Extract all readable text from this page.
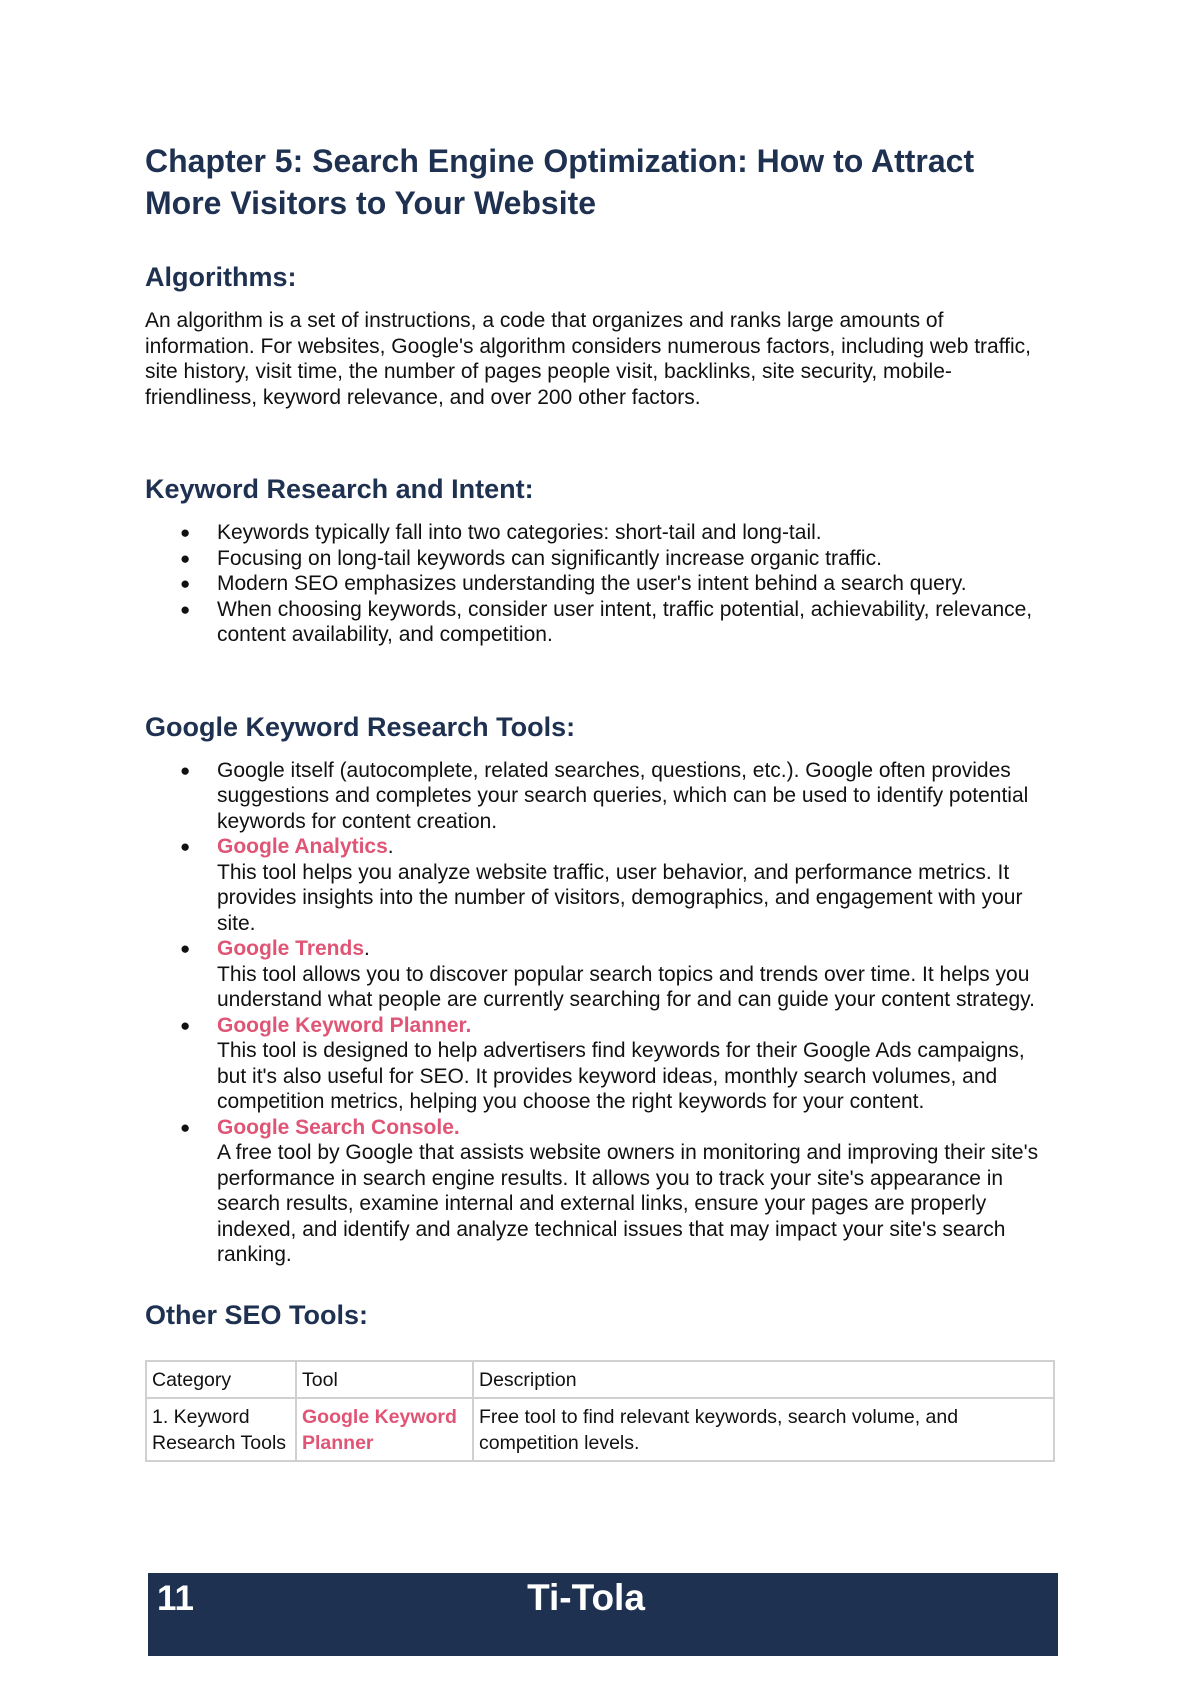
Chapter 5: Search Engine Optimization: How to Attract More Visitors to Your Website
Algorithms:

An algorithm is a set of instructions, a code that organizes and ranks large amounts of information. For websites, Google's algorithm considers numerous factors, including web traffic, site history, visit time, the number of pages people visit, backlinks, site security, mobile-friendliness, keyword relevance, and over 200 other factors.

Keyword Research and Intent:
● Keywords typically fall into two categories: short-tail and long-tail.
● Focusing on long-tail keywords can significantly increase organic traffic.
● Modern SEO emphasizes understanding the user's intent behind a search query.
● When choosing keywords, consider user intent, traffic potential, achievability, relevance, content availability, and competition.
Google Keyword Research Tools:
● Google itself (autocomplete, related searches, questions, etc.). Google often provides suggestions and completes your search queries, which can be used to identify potential keywords for content creation.
● Google Analytics.
This tool helps you analyze website traffic, user behavior, and performance metrics. It provides insights into the number of visitors, demographics, and engagement with your site.
● Google Trends.
This tool allows you to discover popular search topics and trends over time. It helps you understand what people are currently searching for and can guide your content strategy.
● Google Keyword Planner.
This tool is designed to help advertisers find keywords for their Google Ads campaigns, but it's also useful for SEO. It provides keyword ideas, monthly search volumes, and competition metrics, helping you choose the right keywords for your content.
● Google Search Console.
A free tool by Google that assists website owners in monitoring and improving their site's performance in search engine results. It allows you to track your site's appearance in search results, examine internal and external links, ensure your pages are properly indexed, and identify and analyze technical issues that may impact your site's search ranking.
Other SEO Tools:
Category	Tool	Description
1. Keyword Research Tools	Google Keyword Planner	Free tool to find relevant keywords, search volume, and competition levels.
11	Ti-Tola
